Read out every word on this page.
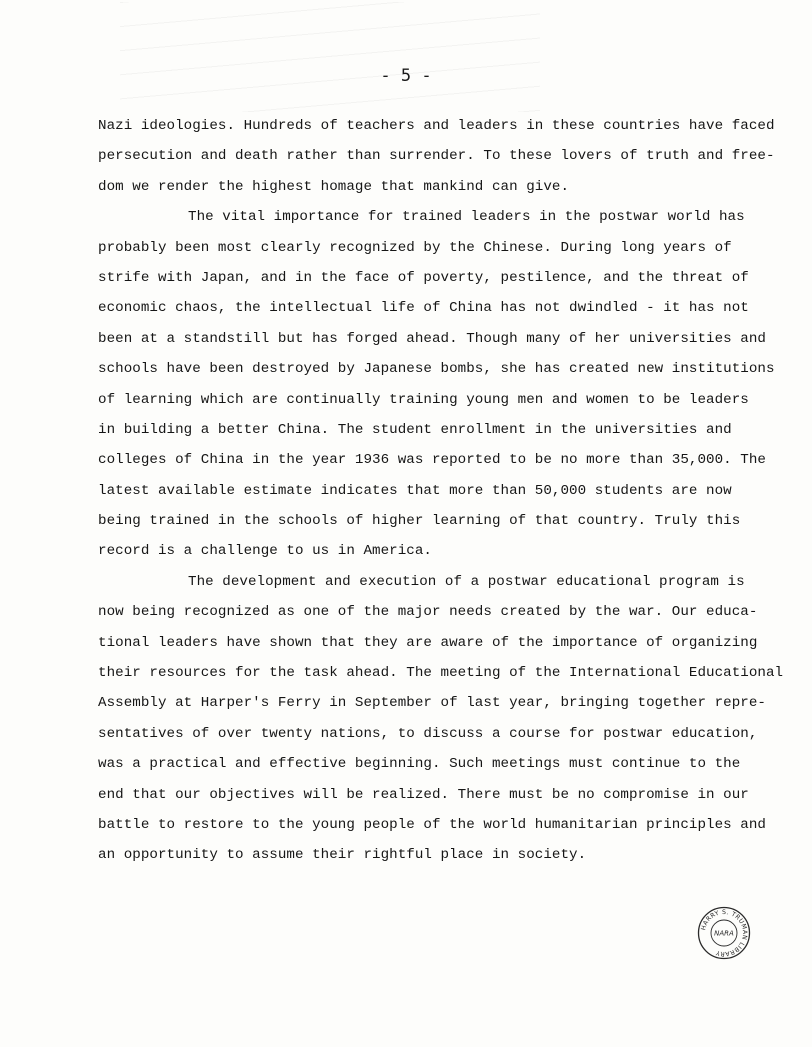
- 5 -
Nazi ideologies. Hundreds of teachers and leaders in these countries have faced
persecution and death rather than surrender. To these lovers of truth and free-
dom we render the highest homage that mankind can give.
The vital importance for trained leaders in the postwar world has
probably been most clearly recognized by the Chinese. During long years of
strife with Japan, and in the face of poverty, pestilence, and the threat of
economic chaos, the intellectual life of China has not dwindled - it has not
been at a standstill but has forged ahead. Though many of her universities and
schools have been destroyed by Japanese bombs, she has created new institutions
of learning which are continually training young men and women to be leaders
in building a better China. The student enrollment in the universities and
colleges of China in the year 1936 was reported to be no more than 35,000. The
latest available estimate indicates that more than 50,000 students are now
being trained in the schools of higher learning of that country. Truly this
record is a challenge to us in America.
The development and execution of a postwar educational program is
now being recognized as one of the major needs created by the war. Our educa-
tional leaders have shown that they are aware of the importance of organizing
their resources for the task ahead. The meeting of the International Educational
Assembly at Harper's Ferry in September of last year, bringing together repre-
sentatives of over twenty nations, to discuss a course for postwar education,
was a practical and effective beginning. Such meetings must continue to the
end that our objectives will be realized. There must be no compromise in our
battle to restore to the young people of the world humanitarian principles and
an opportunity to assume their rightful place in society.
HARRY S. TRUMAN LIBRARY
NARA
